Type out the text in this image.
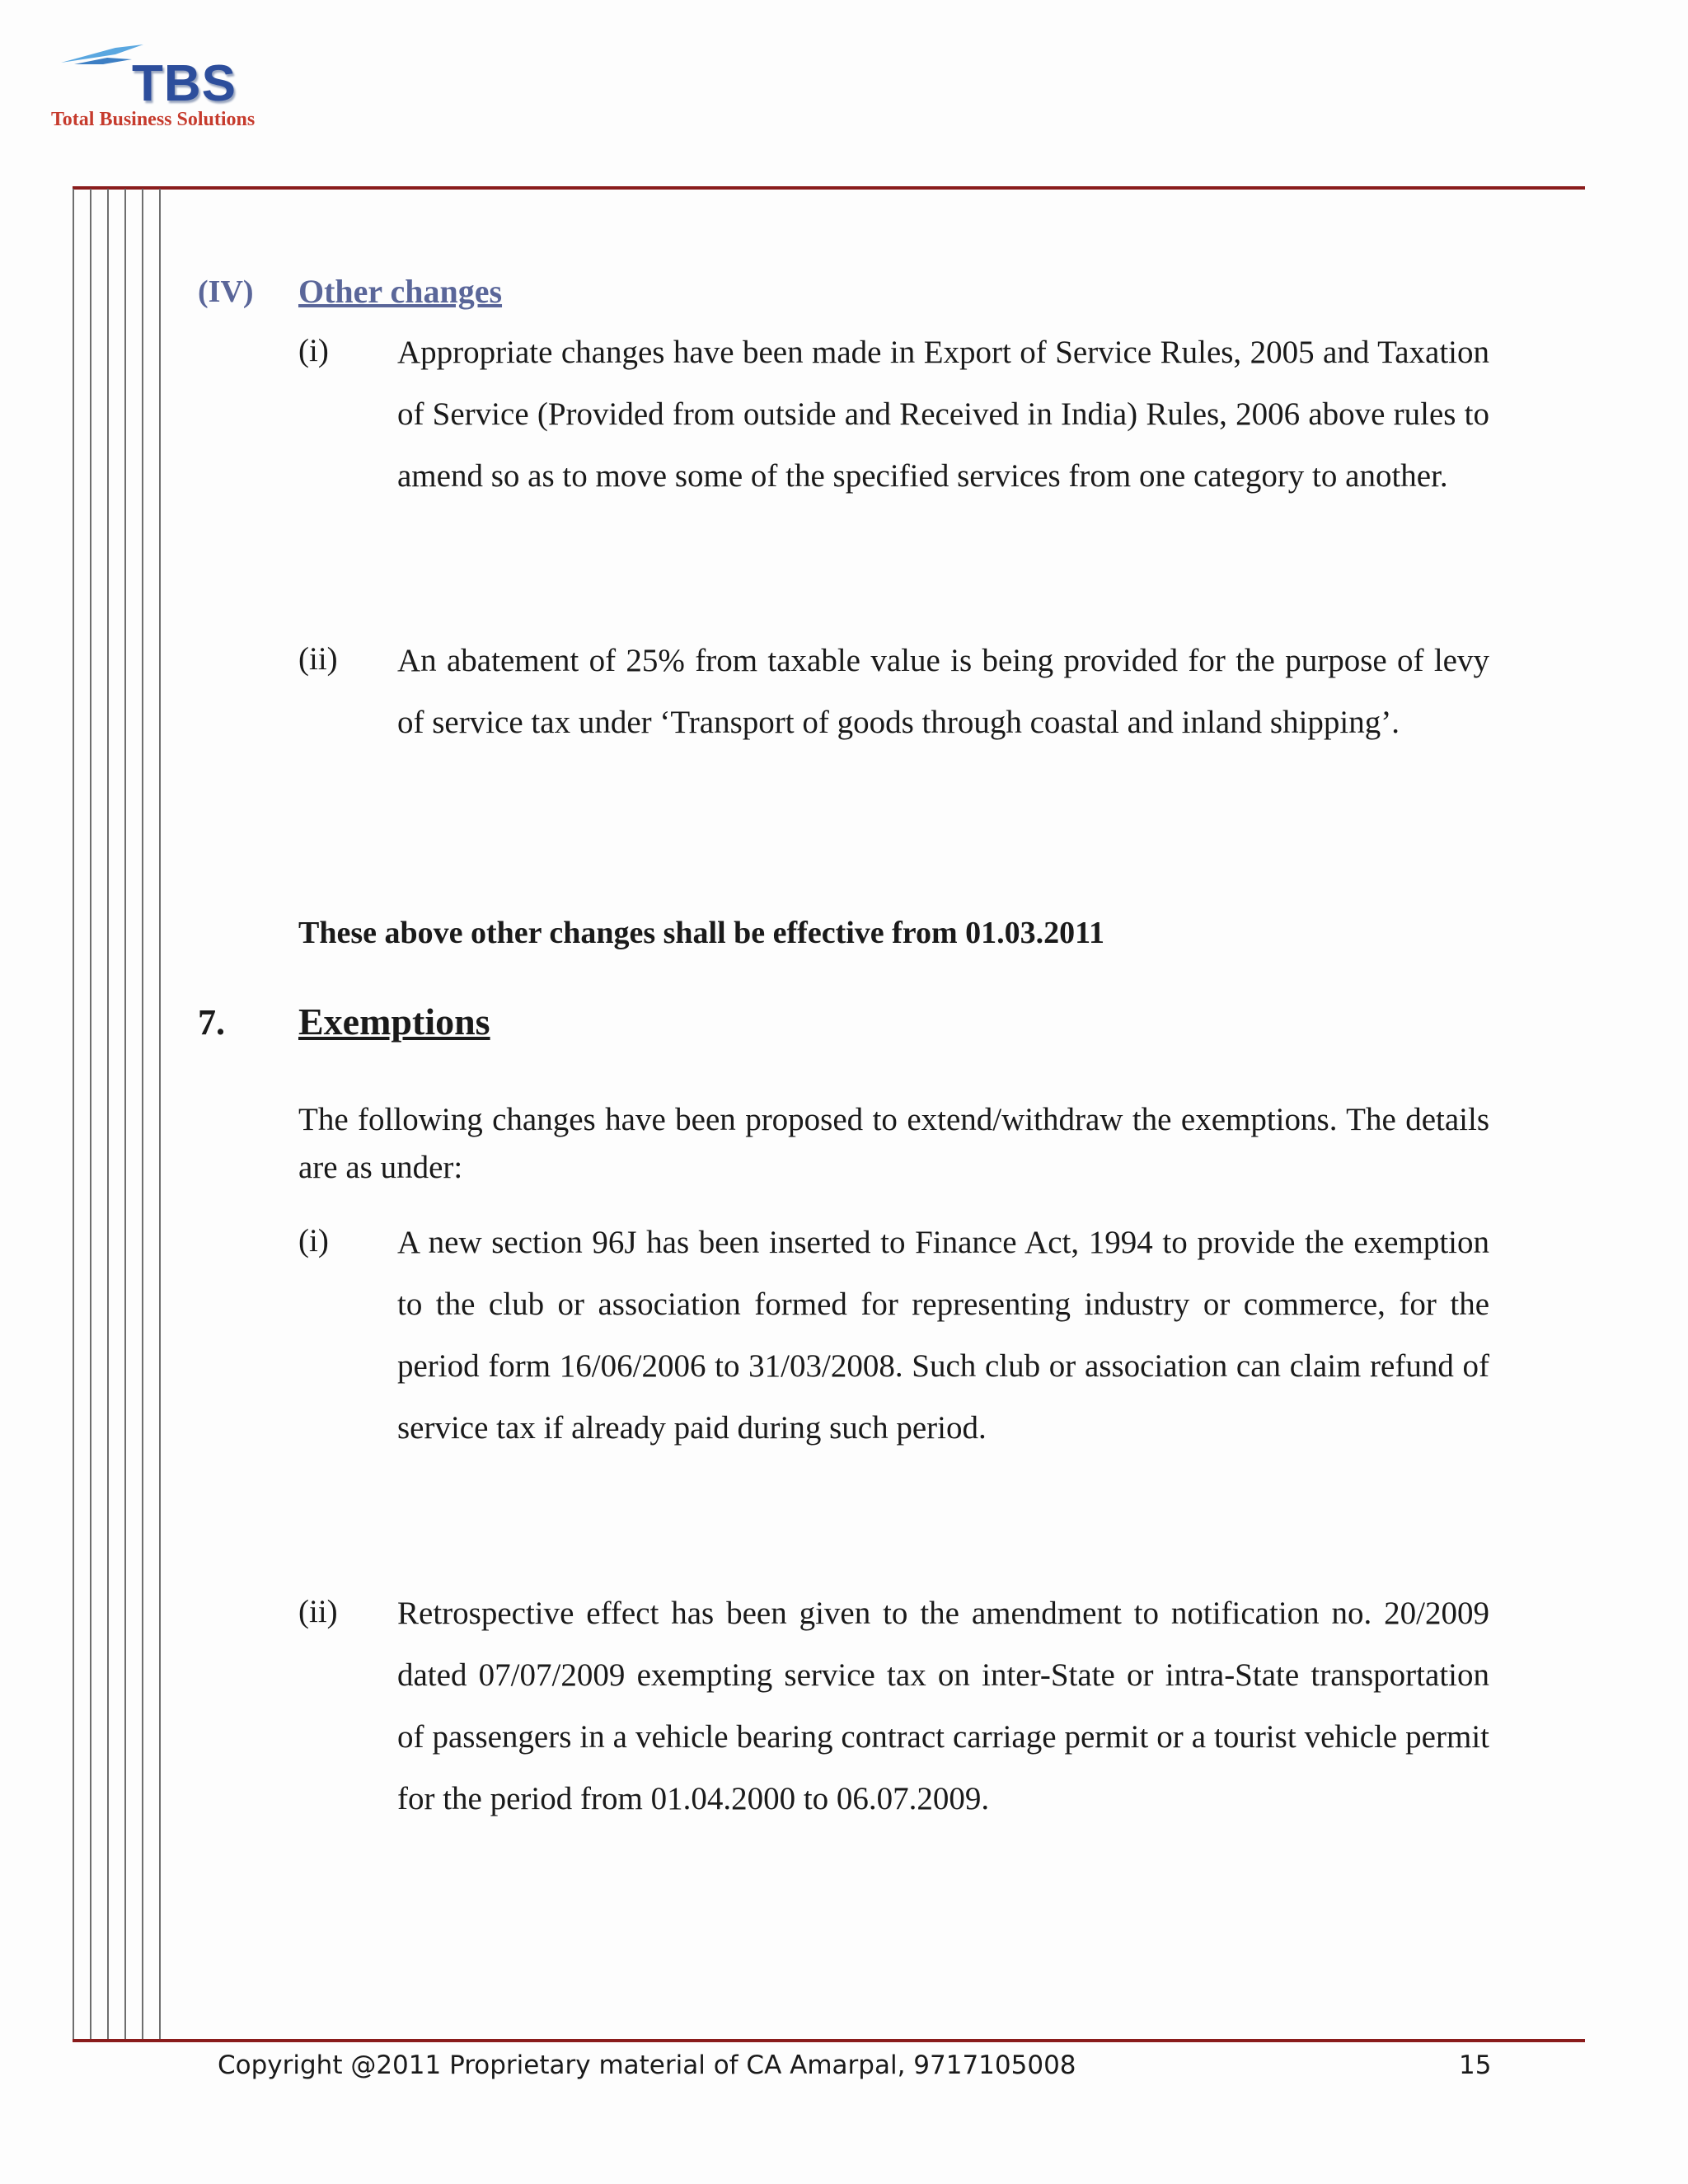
TBS
Total Business Solutions
(IV) Other changes
(i) Appropriate changes have been made in Export of Service Rules, 2005 and Taxation of Service (Provided from outside and Received in India) Rules, 2006 above rules to amend so as to move some of the specified services from one category to another.
(ii) An abatement of 25% from taxable value is being provided for the purpose of levy of service tax under ‘Transport of goods through coastal and inland shipping’.
These above other changes shall be effective from 01.03.2011
7. Exemptions
The following changes have been proposed to extend/withdraw the exemptions. The details are as under:
(i) A new section 96J has been inserted to Finance Act, 1994 to provide the exemption to the club or association formed for representing industry or commerce, for the period form 16/06/2006 to 31/03/2008. Such club or association can claim refund of service tax if already paid during such period.
(ii) Retrospective effect has been given to the amendment to notification no. 20/2009 dated 07/07/2009 exempting service tax on inter-State or intra-State transportation of passengers in a vehicle bearing contract carriage permit or a tourist vehicle permit for the period from 01.04.2000 to 06.07.2009.
Copyright @2011 Proprietary material of CA Amarpal, 9717105008	15
